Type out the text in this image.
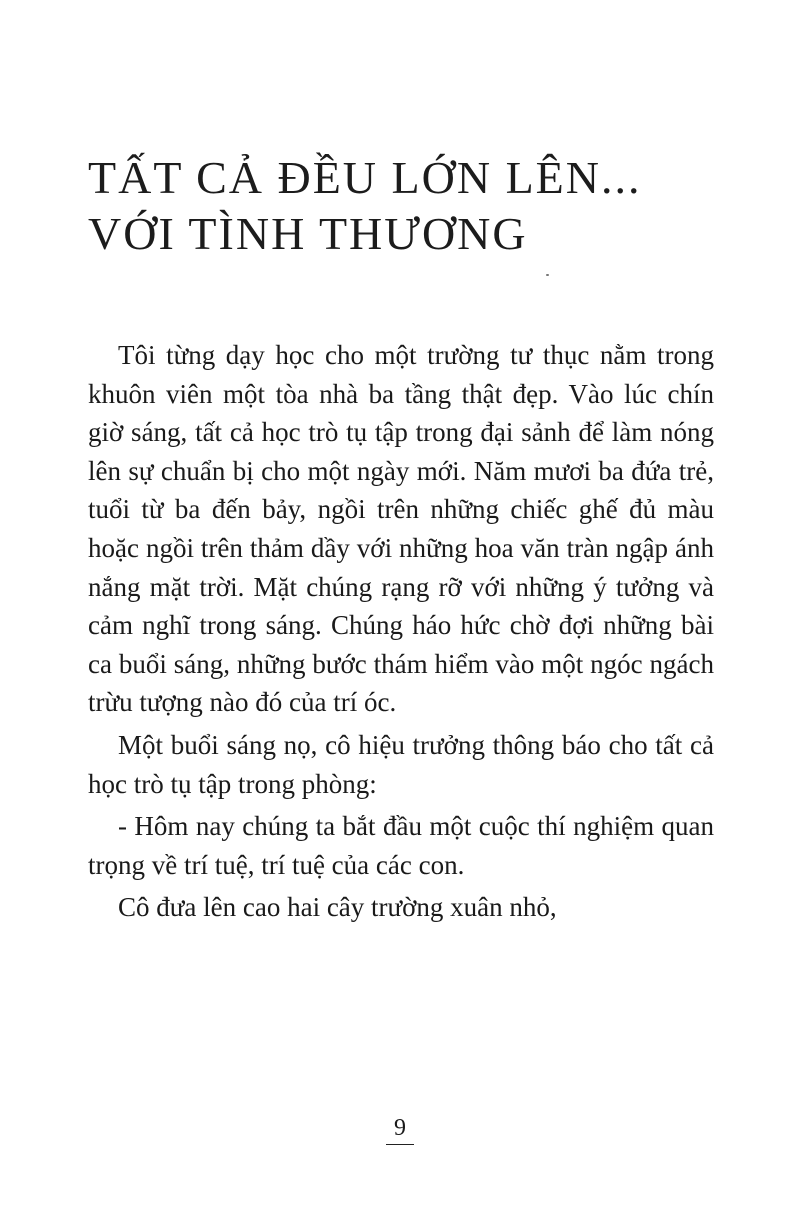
TẤT CẢ ĐỀU LỚN LÊN...
VỚI TÌNH THƯƠNG

Tôi từng dạy học cho một trường tư thục nằm trong khuôn viên một tòa nhà ba tầng thật đẹp. Vào lúc chín giờ sáng, tất cả học trò tụ tập trong đại sảnh để làm nóng lên sự chuẩn bị cho một ngày mới. Năm mươi ba đứa trẻ, tuổi từ ba đến bảy, ngồi trên những chiếc ghế đủ màu hoặc ngồi trên thảm dầy với những hoa văn tràn ngập ánh nắng mặt trời. Mặt chúng rạng rỡ với những ý tưởng và cảm nghĩ trong sáng. Chúng háo hức chờ đợi những bài ca buổi sáng, những bước thám hiểm vào một ngóc ngách trừu tượng nào đó của trí óc.

Một buổi sáng nọ, cô hiệu trưởng thông báo cho tất cả học trò tụ tập trong phòng:

- Hôm nay chúng ta bắt đầu một cuộc thí nghiệm quan trọng về trí tuệ, trí tuệ của các con.

Cô đưa lên cao hai cây trường xuân nhỏ,

9
